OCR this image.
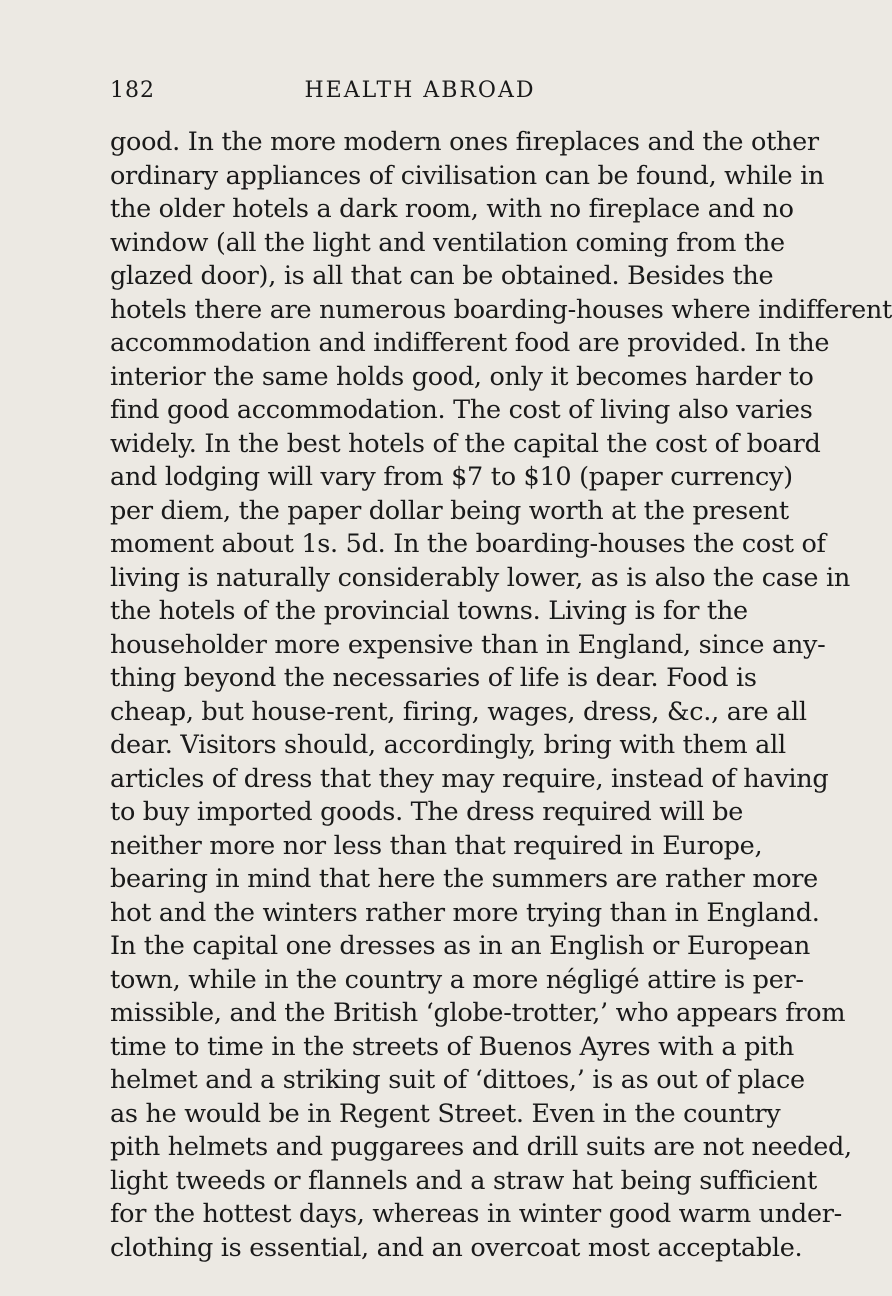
182	HEALTH ABROAD
good. In the more modern ones fireplaces and the other
ordinary appliances of civilisation can be found, while in
the older hotels a dark room, with no fireplace and no
window (all the light and ventilation coming from the
glazed door), is all that can be obtained. Besides the
hotels there are numerous boarding-houses where indifferent
accommodation and indifferent food are provided. In the
interior the same holds good, only it becomes harder to
find good accommodation. The cost of living also varies
widely. In the best hotels of the capital the cost of board
and lodging will vary from $7 to $10 (paper currency)
per diem, the paper dollar being worth at the present
moment about 1s. 5d. In the boarding-houses the cost of
living is naturally considerably lower, as is also the case in
the hotels of the provincial towns. Living is for the
householder more expensive than in England, since any-
thing beyond the necessaries of life is dear. Food is
cheap, but house-rent, firing, wages, dress, &c., are all
dear. Visitors should, accordingly, bring with them all
articles of dress that they may require, instead of having
to buy imported goods. The dress required will be
neither more nor less than that required in Europe,
bearing in mind that here the summers are rather more
hot and the winters rather more trying than in England.
In the capital one dresses as in an English or European
town, while in the country a more négligé attire is per-
missible, and the British ‘globe-trotter,’ who appears from
time to time in the streets of Buenos Ayres with a pith
helmet and a striking suit of ‘dittoes,’ is as out of place
as he would be in Regent Street. Even in the country
pith helmets and puggarees and drill suits are not needed,
light tweeds or flannels and a straw hat being sufficient
for the hottest days, whereas in winter good warm under-
clothing is essential, and an overcoat most acceptable.
